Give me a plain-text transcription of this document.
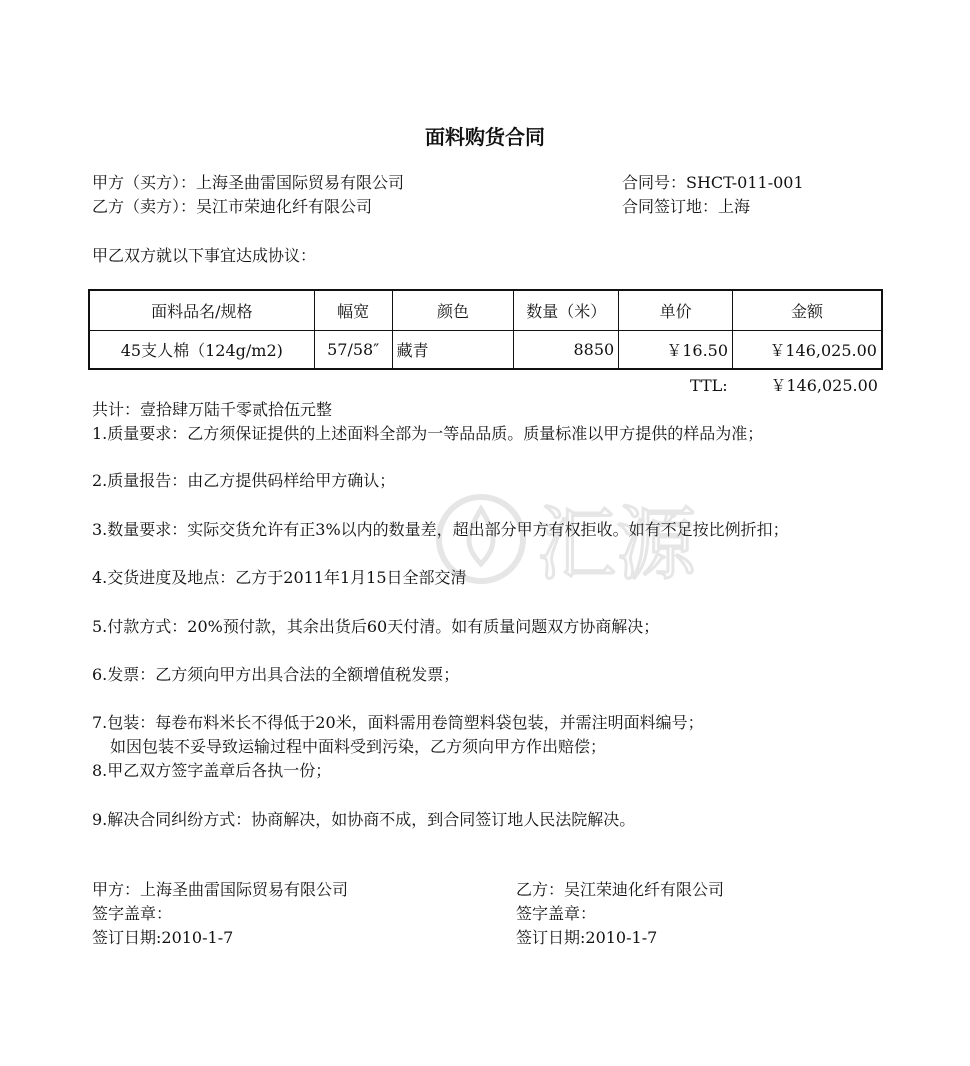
面料购货合同
甲方（买方）：上海圣曲雷国际贸易有限公司	合同号：SHCT-011-001
乙方（卖方）：吴江市荣迪化纤有限公司	合同签订地：上海
甲乙双方就以下事宜达成协议：
面料品名/规格	幅宽	颜色	数量（米）	单价	金额
45支人棉（124g/m2)	57/58″	藏青	8850	￥16.50	￥146,025.00
TTL:	￥146,025.00
共计：壹拾肆万陆千零贰拾伍元整
1.质量要求：乙方须保证提供的上述面料全部为一等品品质。质量标准以甲方提供的样品为准；
2.质量报告：由乙方提供码样给甲方确认；
3.数量要求：实际交货允许有正3%以内的数量差，超出部分甲方有权拒收。如有不足按比例折扣；
4.交货进度及地点：乙方于2011年1月15日全部交清
5.付款方式：20%预付款，其余出货后60天付清。如有质量问题双方协商解决；
6.发票：乙方须向甲方出具合法的全额增值税发票；
7.包装：每卷布料米长不得低于20米，面料需用卷筒塑料袋包装，并需注明面料编号；
如因包装不妥导致运输过程中面料受到污染，乙方须向甲方作出赔偿；
8.甲乙双方签字盖章后各执一份；
9.解决合同纠纷方式：协商解决，如协商不成，到合同签订地人民法院解决。
甲方：上海圣曲雷国际贸易有限公司
签字盖章：
签订日期:2010-1-7
乙方：吴江荣迪化纤有限公司
签字盖章：
签订日期:2010-1-7
汇源
